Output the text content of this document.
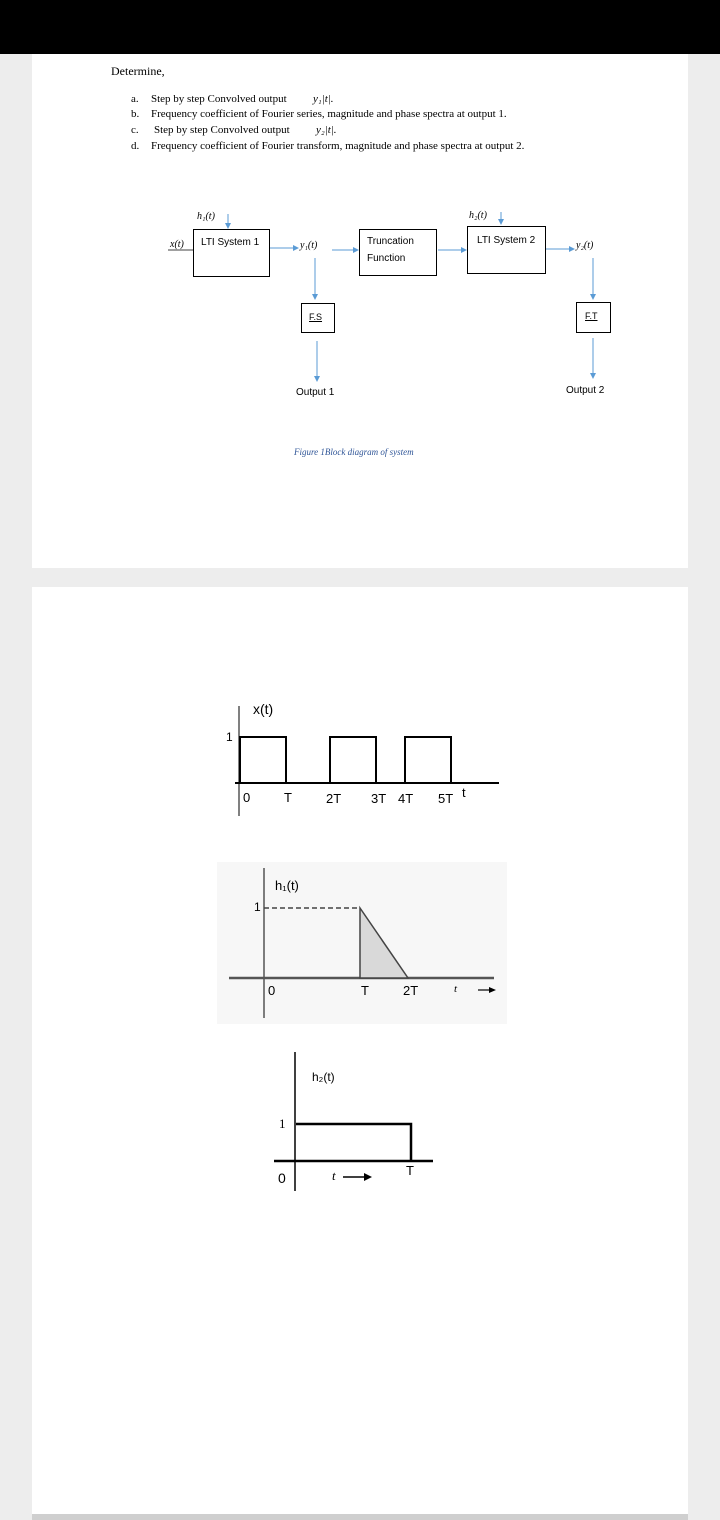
Determine,
a. Step by step Convolved output y₁|t|.
b. Frequency coefficient of Fourier series, magnitude and phase spectra at output 1.
c. Step by step Convolved output y₂|t|.
d. Frequency coefficient of Fourier transform, magnitude and phase spectra at output 2.
h₁(t)
x(t) LTI System 1	y₁(t)	Truncation
Function
h₂(t)
LTI System 2	y₂(t)
F.S	F.T
Output 1	Output 2
Figure 1Block diagram of system
x(t)
1
0	T	2T 3T 4T 5T t
h₁(t)
1
0	T	2T	t
h₂(t)
1
0	T
t
